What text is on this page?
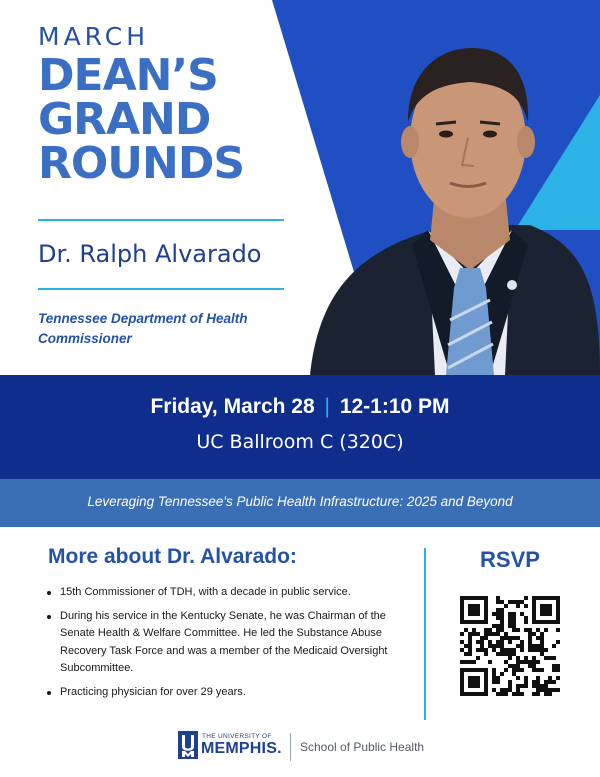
MARCH
DEAN’S
GRAND
ROUNDS
Dr. Ralph Alvarado
Tennessee Department of Health Commissioner
Friday, March 28 | 12-1:10 PM
UC Ballroom C (320C)
Leveraging Tennessee's Public Health Infrastructure: 2025 and Beyond
More about Dr. Alvarado:
15th Commissioner of TDH, with a decade in public service.
During his service in the Kentucky Senate, he was Chairman of the Senate Health & Welfare Committee. He led the Substance Abuse Recovery Task Force and was a member of the Medicaid Oversight Subcommittee.
Practicing physician for over 29 years.
RSVP
THE UNIVERSITY OF
MEMPHIS. School of Public Health
